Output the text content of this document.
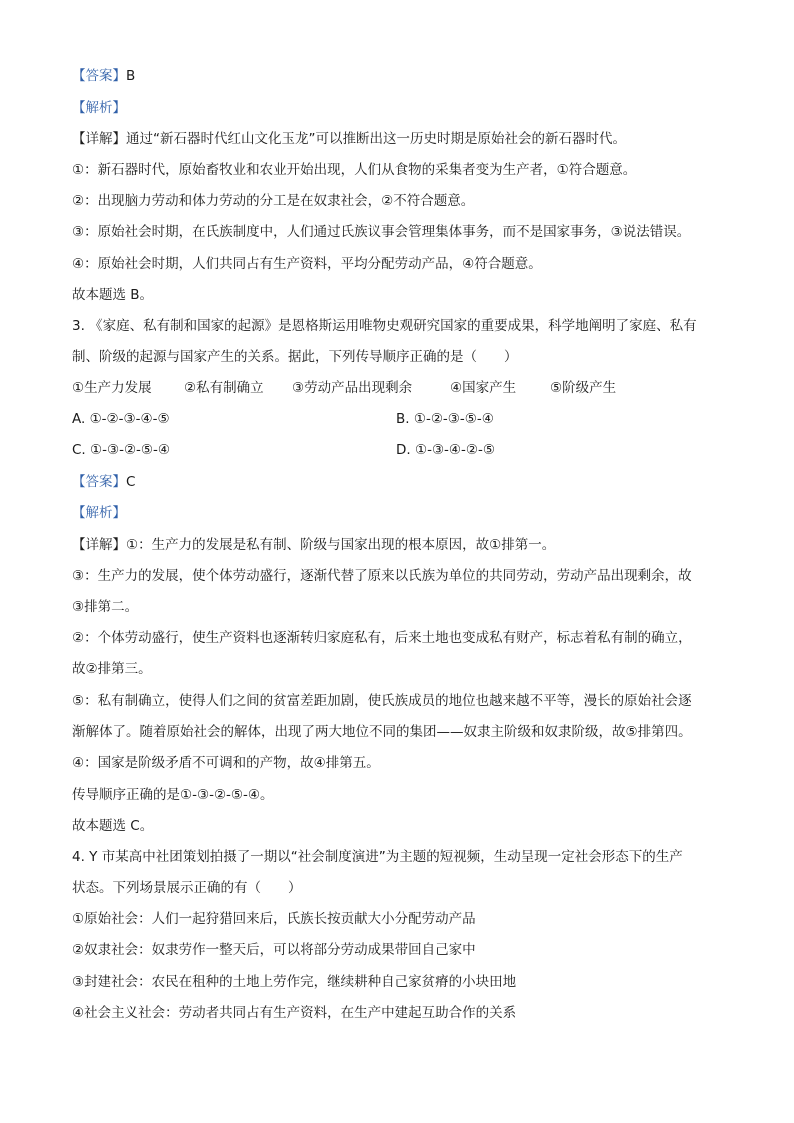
【答案】B
【解析】
【详解】通过“新石器时代红山文化玉龙”可以推断出这一历史时期是原始社会的新石器时代。
①：新石器时代，原始畜牧业和农业开始出现，人们从食物的采集者变为生产者，①符合题意。
②：出现脑力劳动和体力劳动的分工是在奴隶社会，②不符合题意。
③：原始社会时期，在氏族制度中，人们通过氏族议事会管理集体事务，而不是国家事务，③说法错误。
④：原始社会时期，人们共同占有生产资料，平均分配劳动产品，④符合题意。
故本题选 B。
3. 《家庭、私有制和国家的起源》是恩格斯运用唯物史观研究国家的重要成果，科学地阐明了家庭、私有
制、阶级的起源与国家产生的关系。据此，下列传导顺序正确的是（　　）
①生产力发展 ②私有制确立 ③劳动产品出现剩余	④国家产生	⑤阶级产生
A. ①-②-③-④-⑤	B. ①-②-③-⑤-④
C. ①-③-②-⑤-④	D. ①-③-④-②-⑤
【答案】C
【解析】
【详解】①：生产力的发展是私有制、阶级与国家出现的根本原因，故①排第一。
③：生产力的发展，使个体劳动盛行，逐渐代替了原来以氏族为单位的共同劳动，劳动产品出现剩余，故
③排第二。
②：个体劳动盛行，使生产资料也逐渐转归家庭私有，后来土地也变成私有财产，标志着私有制的确立，
故②排第三。
⑤：私有制确立，使得人们之间的贫富差距加剧，使氏族成员的地位也越来越不平等，漫长的原始社会逐
渐解体了。随着原始社会的解体，出现了两大地位不同的集团——奴隶主阶级和奴隶阶级，故⑤排第四。
④：国家是阶级矛盾不可调和的产物，故④排第五。
传导顺序正确的是①-③-②-⑤-④。
故本题选 C。
4. Y 市某高中社团策划拍摄了一期以“社会制度演进”为主题的短视频，生动呈现一定社会形态下的生产
状态。下列场景展示正确的有（　　）
①原始社会：人们一起狩猎回来后，氏族长按贡献大小分配劳动产品
②奴隶社会：奴隶劳作一整天后，可以将部分劳动成果带回自己家中
③封建社会：农民在租种的土地上劳作完，继续耕种自己家贫瘠的小块田地
④社会主义社会：劳动者共同占有生产资料，在生产中建起互助合作的关系
